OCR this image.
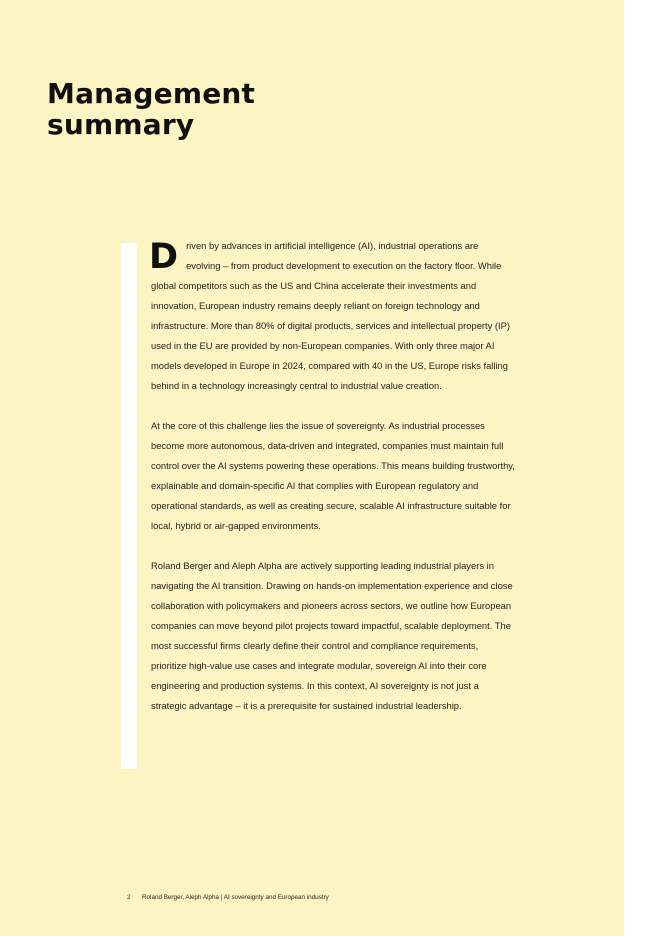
Management
summary

Driven by advances in artificial intelligence (AI), industrial operations are evolving – from product development to execution on the factory floor. While global competitors such as the US and China accelerate their investments and innovation, European industry remains deeply reliant on foreign technology and infrastructure. More than 80% of digital products, services and intellectual property (IP) used in the EU are provided by non-European companies. With only three major AI models developed in Europe in 2024, compared with 40 in the US, Europe risks falling behind in a technology increasingly central to industrial value creation.

At the core of this challenge lies the issue of sovereignty. As industrial processes become more autonomous, data-driven and integrated, companies must maintain full control over the AI systems powering these operations. This means building trustworthy, explainable and domain-specific AI that complies with European regulatory and operational standards, as well as creating secure, scalable AI infrastructure suitable for local, hybrid or air-gapped environments.

Roland Berger and Aleph Alpha are actively supporting leading industrial players in navigating the AI transition. Drawing on hands-on implementation experience and close collaboration with policymakers and pioneers across sectors, we outline how European companies can move beyond pilot projects toward impactful, scalable deployment. The most successful firms clearly define their control and compliance requirements, prioritize high-value use cases and integrate modular, sovereign AI into their core engineering and production systems. In this context, AI sovereignty is not just a strategic advantage – it is a prerequisite for sustained industrial leadership.

2 Roland Berger, Aleph Alpha | AI sovereignty and European industry
